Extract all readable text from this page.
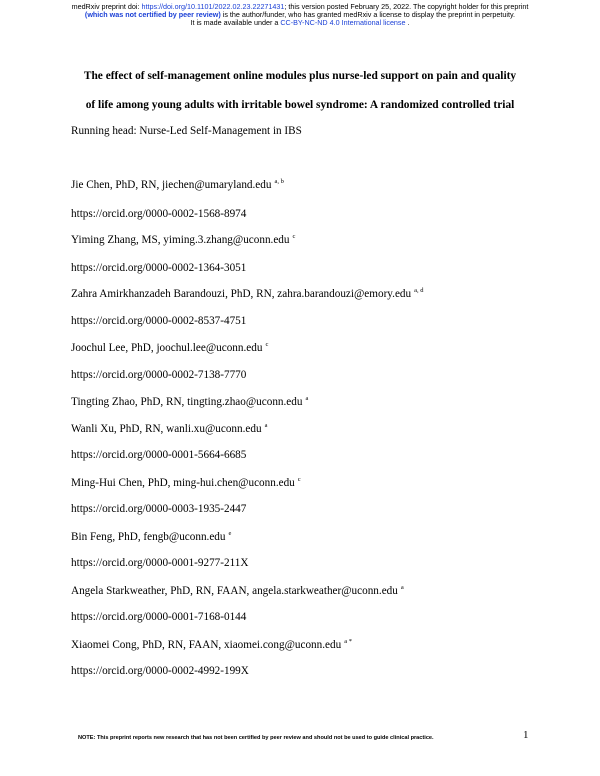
medRxiv preprint doi: https://doi.org/10.1101/2022.02.23.22271431; this version posted February 25, 2022. The copyright holder for this preprint
(which was not certified by peer review) is the author/funder, who has granted medRxiv a license to display the preprint in perpetuity.
It is made available under a CC-BY-NC-ND 4.0 International license .
The effect of self-management online modules plus nurse-led support on pain and quality
of life among young adults with irritable bowel syndrome: A randomized controlled trial
Running head: Nurse-Led Self-Management in IBS
Jie Chen, PhD, RN, jiechen@umaryland.edu $^{a, b}$
https://orcid.org/0000-0002-1568-8974
Yiming Zhang, MS, yiming.3.zhang@uconn.edu $^c$
https://orcid.org/0000-0002-1364-3051
Zahra Amirkhanzadeh Barandouzi, PhD, RN, zahra.barandouzi@emory.edu $^{a, d}$
https://orcid.org/0000-0002-8537-4751
Joochul Lee, PhD, joochul.lee@uconn.edu $^c$
https://orcid.org/0000-0002-7138-7770
Tingting Zhao, PhD, RN, tingting.zhao@uconn.edu $^a$
Wanli Xu, PhD, RN, wanli.xu@uconn.edu $^a$
https://orcid.org/0000-0001-5664-6685
Ming-Hui Chen, PhD, ming-hui.chen@uconn.edu $^c$
https://orcid.org/0000-0003-1935-2447
Bin Feng, PhD, fengb@uconn.edu $^e$
https://orcid.org/0000-0001-9277-211X
Angela Starkweather, PhD, RN, FAAN, angela.starkweather@uconn.edu $^a$
https://orcid.org/0000-0001-7168-0144
Xiaomei Cong, PhD, RN, FAAN, xiaomei.cong@uconn.edu $^{a *}$
https://orcid.org/0000-0002-4992-199X
NOTE: This preprint reports new research that has not been certified by peer review and should not be used to guide clinical practice.	1
